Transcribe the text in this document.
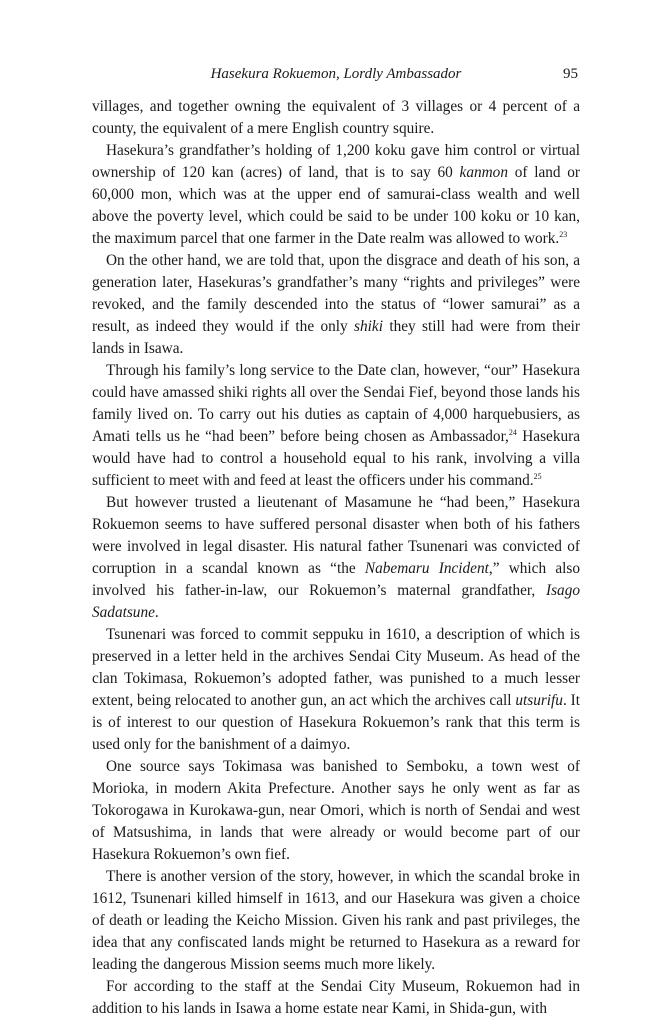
Hasekura Rokuemon, Lordly Ambassador	95

villages, and together owning the equivalent of 3 villages or 4 percent of a county, the equivalent of a mere English country squire.

Hasekura’s grandfather’s holding of 1,200 koku gave him control or virtual ownership of 120 kan (acres) of land, that is to say 60 kanmon of land or 60,000 mon, which was at the upper end of samurai-class wealth and well above the poverty level, which could be said to be under 100 koku or 10 kan, the maximum parcel that one farmer in the Date realm was allowed to work.$^{23}$

On the other hand, we are told that, upon the disgrace and death of his son, a generation later, Hasekuras’s grandfather’s many “rights and privileges” were revoked, and the family descended into the status of “lower samurai” as a result, as indeed they would if the only shiki they still had were from their lands in Isawa.

Through his family’s long service to the Date clan, however, “our” Hasekura could have amassed shiki rights all over the Sendai Fief, beyond those lands his family lived on. To carry out his duties as captain of 4,000 harquebusiers, as Amati tells us he “had been” before being chosen as Ambassador,$^{24}$ Hasekura would have had to control a household equal to his rank, involving a villa sufficient to meet with and feed at least the officers under his command.$^{25}$

But however trusted a lieutenant of Masamune he “had been,” Hasekura Rokuemon seems to have suffered personal disaster when both of his fathers were involved in legal disaster. His natural father Tsunenari was convicted of corruption in a scandal known as “the Nabemaru Incident,” which also involved his father-in-law, our Rokuemon’s maternal grandfather, Isago Sadatsune.

Tsunenari was forced to commit seppuku in 1610, a description of which is preserved in a letter held in the archives Sendai City Museum. As head of the clan Tokimasa, Rokuemon’s adopted father, was punished to a much lesser extent, being relocated to another gun, an act which the archives call utsurifu. It is of interest to our question of Hasekura Rokuemon’s rank that this term is used only for the banishment of a daimyo.

One source says Tokimasa was banished to Semboku, a town west of Morioka, in modern Akita Prefecture. Another says he only went as far as Tokorogawa in Kurokawa-gun, near Omori, which is north of Sendai and west of Matsushima, in lands that were already or would become part of our Hasekura Rokuemon’s own fief.

There is another version of the story, however, in which the scandal broke in 1612, Tsunenari killed himself in 1613, and our Hasekura was given a choice of death or leading the Keicho Mission. Given his rank and past privileges, the idea that any confiscated lands might be returned to Hasekura as a reward for leading the dangerous Mission seems much more likely.

For according to the staff at the Sendai City Museum, Rokuemon had in addition to his lands in Isawa a home estate near Kami, in Shida-gun, with
